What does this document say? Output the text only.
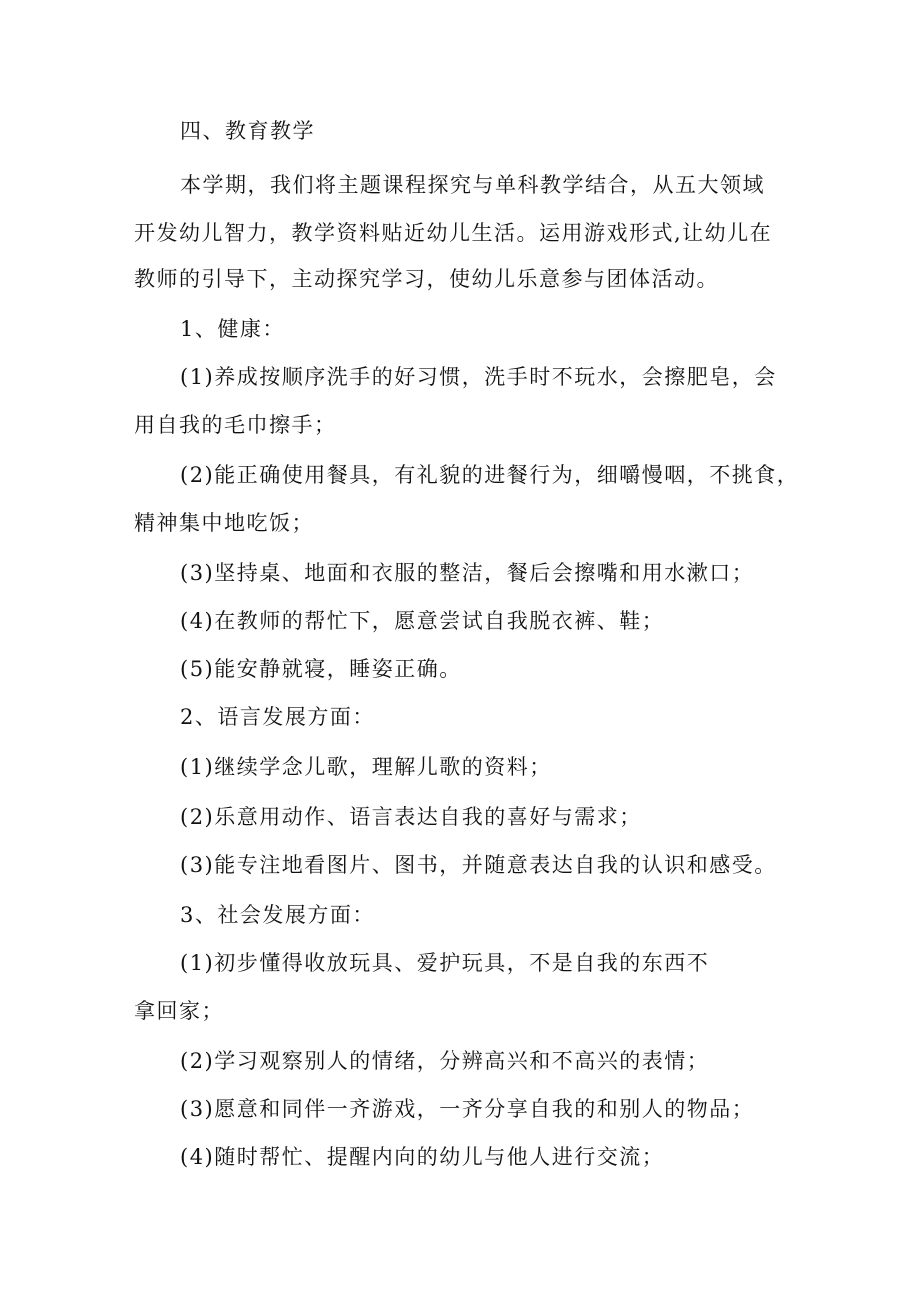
四、教育教学
本学期，我们将主题课程探究与单科教学结合，从五大领域
开发幼儿智力，教学资料贴近幼儿生活。运用游戏形式,让幼儿在
教师的引导下，主动探究学习，使幼儿乐意参与团体活动。
1、健康：
(1)养成按顺序洗手的好习惯，洗手时不玩水，会擦肥皂，会
用自我的毛巾擦手；
(2)能正确使用餐具，有礼貌的进餐行为，细嚼慢咽，不挑食，
精神集中地吃饭；
(3)坚持桌、地面和衣服的整洁，餐后会擦嘴和用水漱口；
(4)在教师的帮忙下，愿意尝试自我脱衣裤、鞋；
(5)能安静就寝，睡姿正确。
2、语言发展方面：
(1)继续学念儿歌，理解儿歌的资料；
(2)乐意用动作、语言表达自我的喜好与需求；
(3)能专注地看图片、图书，并随意表达自我的认识和感受。
3、社会发展方面：
(1)初步懂得收放玩具、爱护玩具，不是自我的东西不
拿回家；
(2)学习观察别人的情绪，分辨高兴和不高兴的表情；
(3)愿意和同伴一齐游戏，一齐分享自我的和别人的物品；
(4)随时帮忙、提醒内向的幼儿与他人进行交流；
